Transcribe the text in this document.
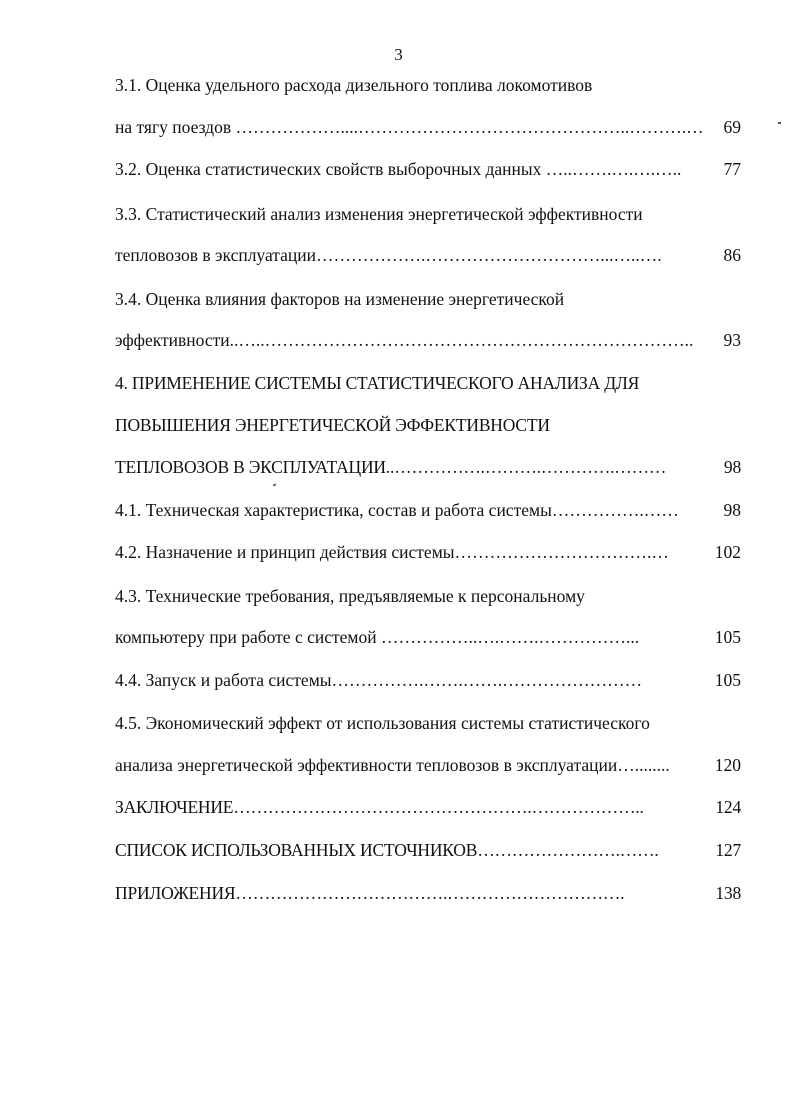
3
3.1. Оценка удельного расхода дизельного топлива локомотивов
на тягу поездов ………………....………………………………………..……….… 69
3.2. Оценка статистических свойств выборочных данных …..…….….….….. 77
3.3. Статистический анализ изменения энергетической эффективности
тепловозов в эксплуатации……………….…………………………...…..….	86
3.4. Оценка влияния факторов на изменение энергетической
эффективности..…..……………………………………………………………….. 93
4. ПРИМЕНЕНИЕ СИСТЕМЫ СТАТИСТИЧЕСКОГО АНАЛИЗА ДЛЯ
ПОВЫШЕНИЯ ЭНЕРГЕТИЧЕСКОЙ ЭФФЕКТИВНОСТИ
ТЕПЛОВОЗОВ В ЭКСПЛУАТАЦИИ..…………….……….………….………	98
4.1. Техническая характеристика, состав и работа системы…………….……	98
4.2. Назначение и принцип действия системы…………………………….…	102
4.3. Технические требования, предъявляемые к персональному
компьютеру при работе с системой ……………..….…….……………...	105
4.4. Запуск и работа системы…………….…….…….……………………	105
4.5. Экономический эффект от использования системы статистического
анализа энергетической эффективности тепловозов в эксплуатации…........	120
ЗАКЛЮЧЕНИЕ…………………………………………….………………..	124
СПИСОК ИСПОЛЬЗОВАННЫХ ИСТОЧНИКОВ…………………….…….	127
ПРИЛОЖЕНИЯ……………………………….………………………….	138
